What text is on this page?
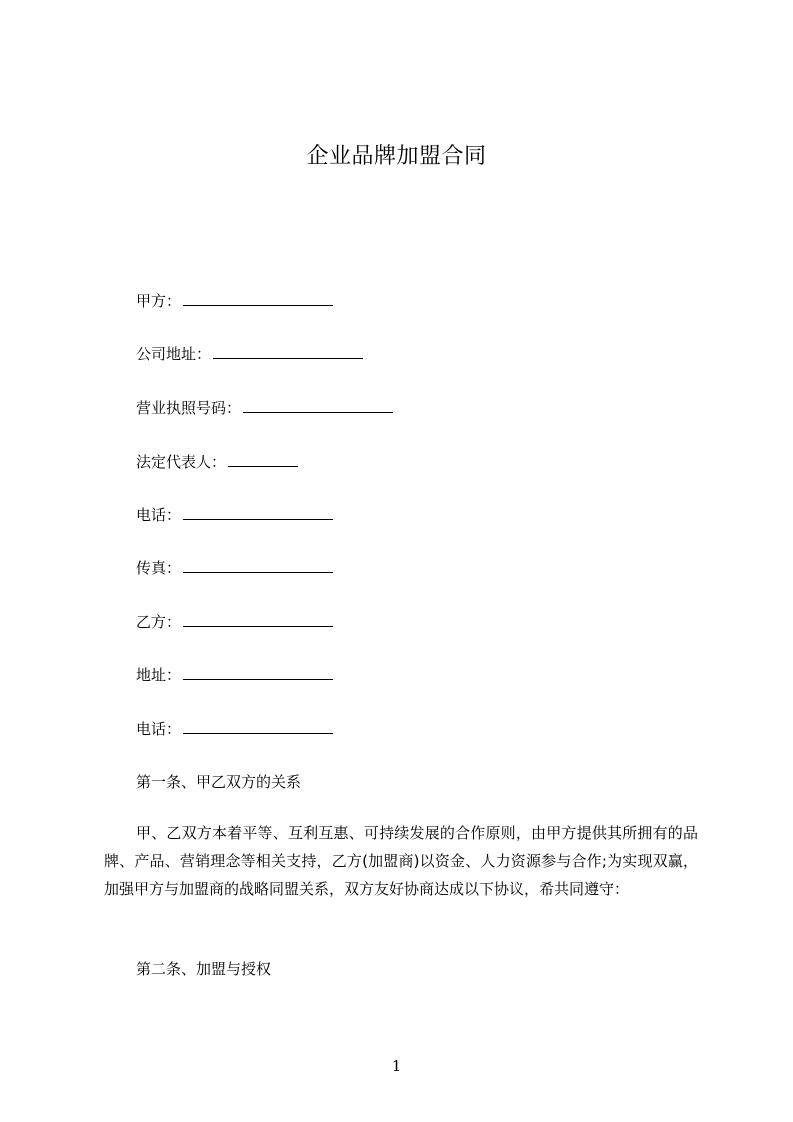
企业品牌加盟合同
甲方：
公司地址：
营业执照号码：
法定代表人：
电话：
传真：
乙方：
地址：
电话：
第一条、甲乙双方的关系
甲、乙双方本着平等、互利互惠、可持续发展的合作原则，由甲方提供其所拥有的品牌、产品、营销理念等相关支持，乙方(加盟商)以资金、人力资源参与合作;为实现双赢，加强甲方与加盟商的战略同盟关系，双方友好协商达成以下协议，希共同遵守：
第二条、加盟与授权
1
